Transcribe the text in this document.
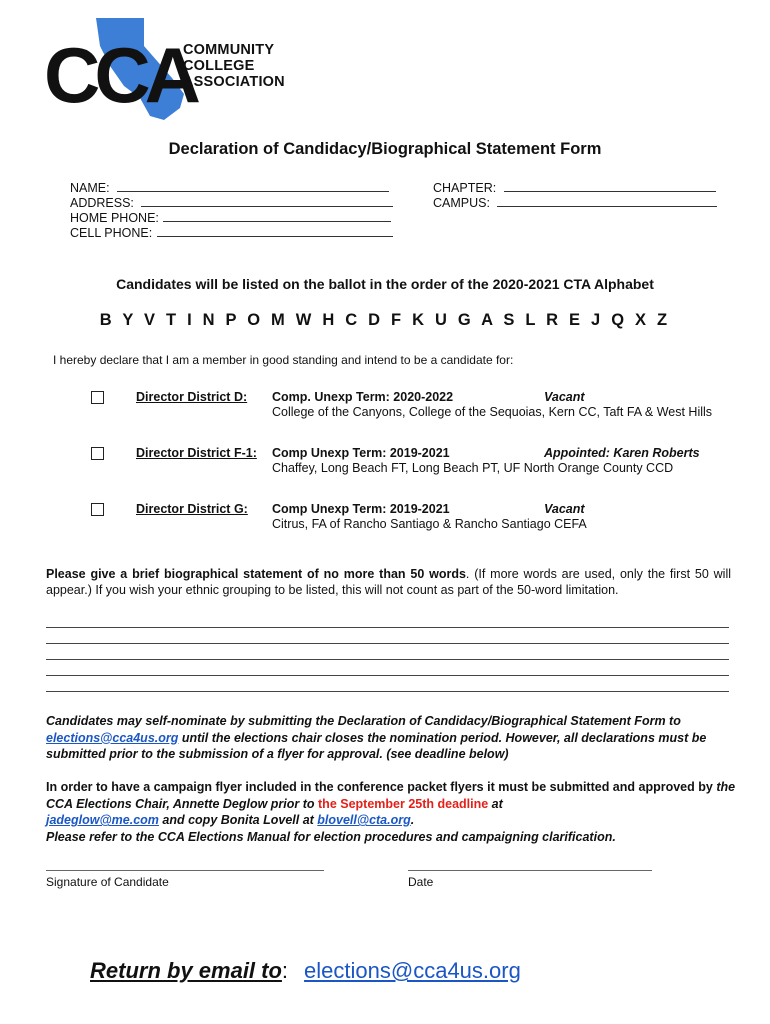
CCA
COMMUNITY
COLLEGE
ASSOCIATION
Declaration of Candidacy/Biographical Statement Form
NAME:
ADDRESS:
HOME PHONE:
CELL PHONE:
CHAPTER:
CAMPUS:
Candidates will be listed on the ballot in the order of the 2020-2021 CTA Alphabet
B Y V T I N P O M W H C D F K U G A S L R E J Q X Z
I hereby declare that I am a member in good standing and intend to be a candidate for:
Director District D: Comp. Unexp Term: 2020-2022	Vacant
College of the Canyons, College of the Sequoias, Kern CC, Taft FA & West Hills
Director District F-1: Comp Unexp Term: 2019-2021	Appointed: Karen Roberts
Chaffey, Long Beach FT, Long Beach PT, UF North Orange County CCD
Director District G: Comp Unexp Term: 2019-2021	Vacant
Citrus, FA of Rancho Santiago & Rancho Santiago CEFA
Please give a brief biographical statement of no more than 50 words. (If more words are used, only the first 50 will appear.) If you wish your ethnic grouping to be listed, this will not count as part of the 50-word limitation.
Candidates may self-nominate by submitting the Declaration of Candidacy/Biographical Statement Form to elections@cca4us.org until the elections chair closes the nomination period. However, all declarations must be submitted prior to the submission of a flyer for approval. (see deadline below)
In order to have a campaign flyer included in the conference packet flyers it must be submitted and approved by the CCA Elections Chair, Annette Deglow prior to the September 25th deadline at
jadeglow@me.com and copy Bonita Lovell at blovell@cta.org.
Please refer to the CCA Elections Manual for election procedures and campaigning clarification.
Signature of Candidate	Date
Return by email to: elections@cca4us.org
